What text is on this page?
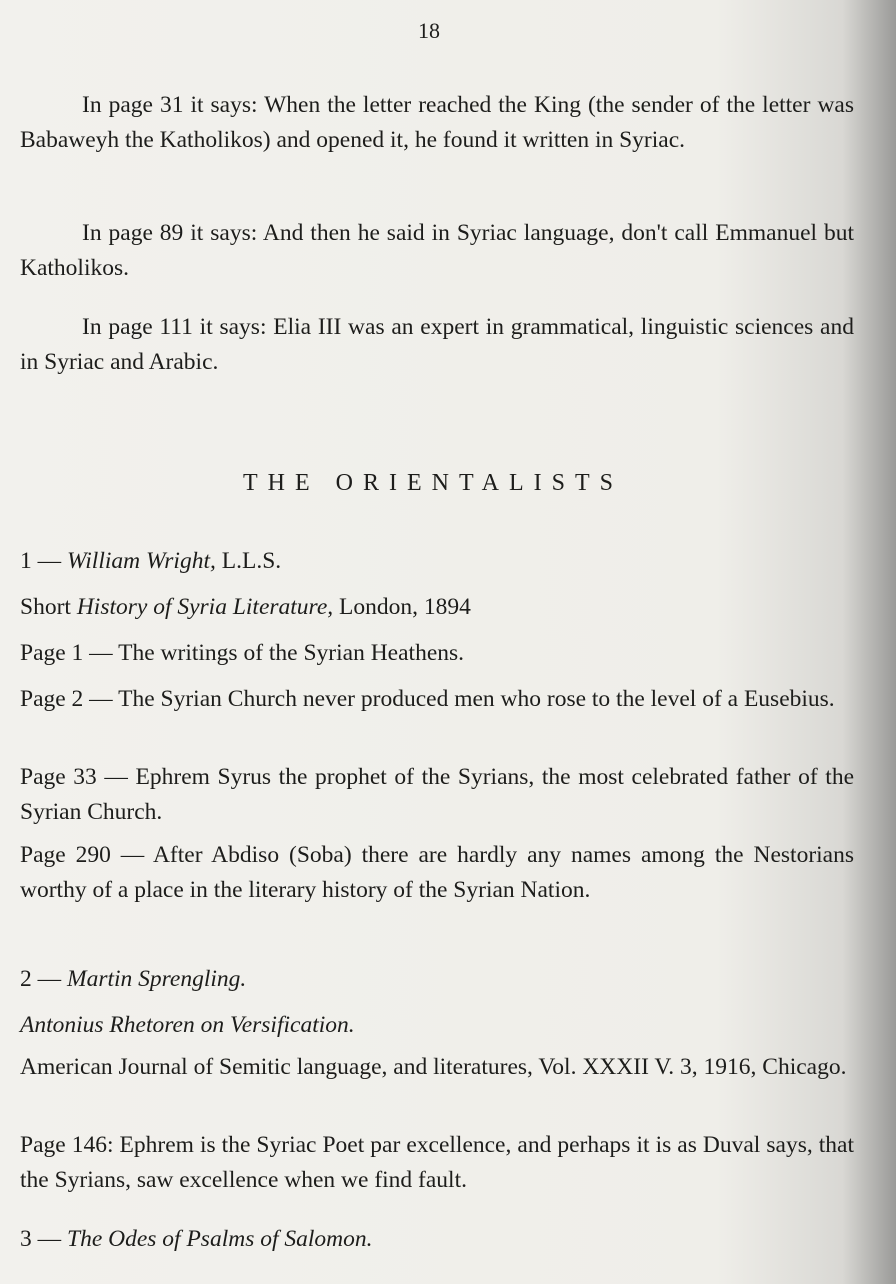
18

In page 31 it says: When the letter reached the King (the sender of the letter was Babaweyh the Katholikos) and opened it, he found it written in Syriac.

In page 89 it says: And then he said in Syriac language, don't call Emmanuel but Katholikos.

In page 111 it says: Elia III was an expert in grammatical, linguistic sciences and in Syriac and Arabic.

THE ORIENTALISTS
1 — William Wright, L.L.S.
Short History of Syria Literature, London, 1894

Page 1 — The writings of the Syrian Heathens.

Page 2 — The Syrian Church never produced men who rose to the level of a Eusebius.

Page 33 — Ephrem Syrus the prophet of the Syrians, the most celebrated father of the Syrian Church.

Page 290 — After Abdiso (Soba) there are hardly any names among the Nestorians worthy of a place in the literary history of the Syrian Nation.

2 — Martin Sprengling.
Antonius Rhetoren on Versification.

American Journal of Semitic language, and literatures, Vol. XXXII V. 3, 1916, Chicago.

Page 146: Ephrem is the Syriac Poet par excellence, and perhaps it is as Duval says, that the Syrians, saw excellence when we find fault.

3 — The Odes of Psalms of Salomon.
